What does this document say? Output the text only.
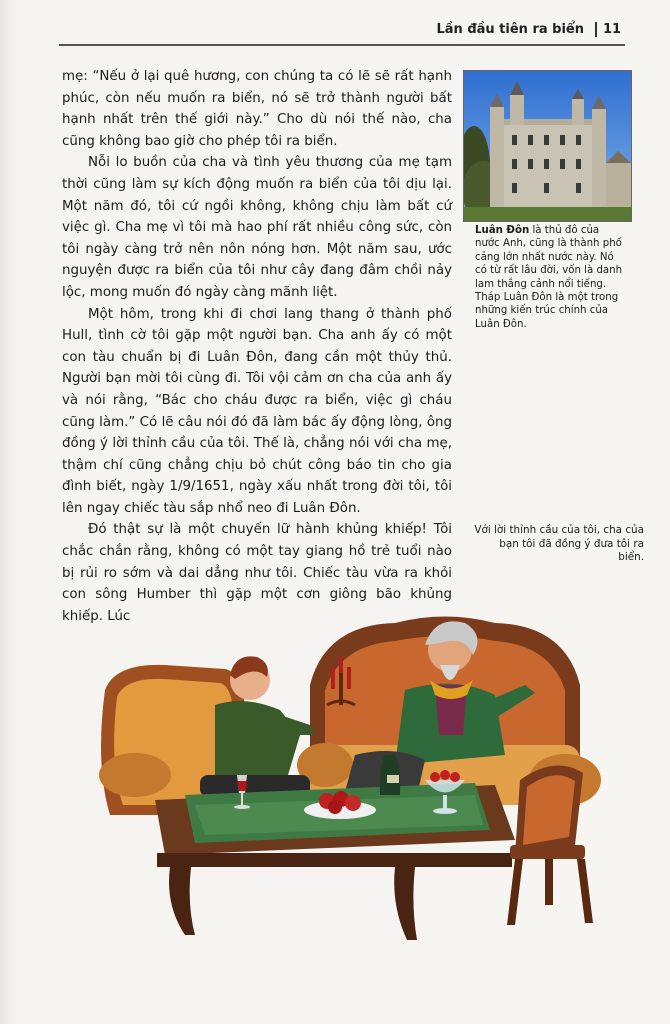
Lần đầu tiên ra biển 11

mẹ: “Nếu ở lại quê hương, con chúng ta có lẽ sẽ rất hạnh phúc, còn nếu muốn ra biển, nó sẽ trở thành người bất hạnh nhất trên thế giới này.” Cho dù nói thế nào, cha cũng không bao giờ cho phép tôi ra biển.

Nỗi lo buồn của cha và tình yêu thương của mẹ tạm thời cũng làm sự kích động muốn ra biển của tôi dịu lại. Một năm đó, tôi cứ ngồi không, không chịu làm bất cứ việc gì. Cha mẹ vì tôi mà hao phí rất nhiều công sức, còn tôi ngày càng trở nên nôn nóng hơn. Một năm sau, ước nguyện được ra biển của tôi như cây đang đâm chồi nảy lộc, mong muốn đó ngày càng mãnh liệt.

Một hôm, trong khi đi chơi lang thang ở thành phố Hull, tình cờ tôi gặp một người bạn. Cha anh ấy có một con tàu chuẩn bị đi Luân Đôn, đang cần một thủy thủ. Người bạn mời tôi cùng đi. Tôi vội cảm ơn cha của anh ấy và nói rằng, “Bác cho cháu được ra biển, việc gì cháu cũng làm.” Có lẽ câu nói đó đã làm bác ấy động lòng, ông đồng ý lời thỉnh cầu của tôi. Thế là, chẳng nói với cha mẹ, thậm chí cũng chẳng chịu bỏ chút công báo tin cho gia đình biết, ngày 1/9/1651, ngày xấu nhất trong đời tôi, tôi lên ngay chiếc tàu sắp nhổ neo đi Luân Đôn.

Đó thật sự là một chuyến lữ hành khủng khiếp! Tôi chắc chắn rằng, không có một tay giang hồ trẻ tuổi nào bị rủi ro sớm và dai dẳng như tôi. Chiếc tàu vừa ra khỏi con sông Humber thì gặp một cơn giông bão khủng khiếp. Lúc

Luân Đôn là thủ đô của nước Anh, cũng là thành phố cảng lớn nhất nước này. Nó có từ rất lâu đời, vốn là danh lam thắng cảnh nổi tiếng. Tháp Luân Đôn là một trong những kiến trúc chính của Luân Đôn.
Với lời thỉnh cầu của tôi, cha của bạn tôi đã đồng ý đưa tôi ra biển.
